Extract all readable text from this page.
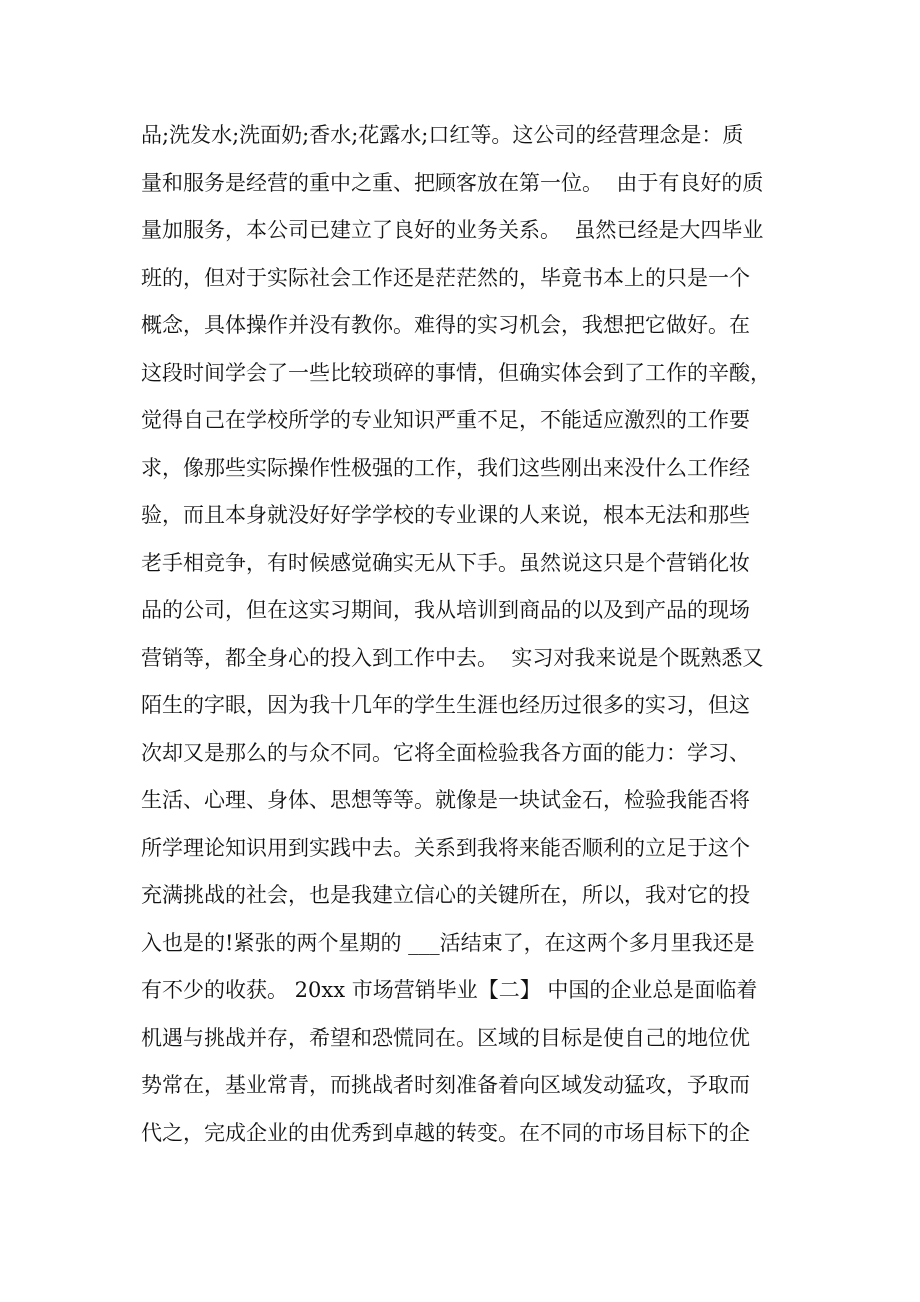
品;洗发水;洗面奶;香水;花露水;口红等。这公司的经营理念是：质
量和服务是经营的重中之重、把顾客放在第一位。  由于有良好的质
量加服务，本公司已建立了良好的业务关系。  虽然已经是大四毕业
班的，但对于实际社会工作还是茫茫然的，毕竟书本上的只是一个
概念，具体操作并没有教你。难得的实习机会，我想把它做好。在
这段时间学会了一些比较琐碎的事情，但确实体会到了工作的辛酸，
觉得自己在学校所学的专业知识严重不足，不能适应激烈的工作要
求，像那些实际操作性极强的工作，我们这些刚出来没什么工作经
验，而且本身就没好好学学校的专业课的人来说，根本无法和那些
老手相竞争，有时候感觉确实无从下手。虽然说这只是个营销化妆
品的公司，但在这实习期间，我从培训到商品的以及到产品的现场
营销等，都全身心的投入到工作中去。  实习对我来说是个既熟悉又
陌生的字眼，因为我十几年的学生生涯也经历过很多的实习，但这
次却又是那么的与众不同。它将全面检验我各方面的能力：学习、
生活、心理、身体、思想等等。就像是一块试金石，检验我能否将
所学理论知识用到实践中去。关系到我将来能否顺利的立足于这个
充满挑战的社会，也是我建立信心的关键所在，所以，我对它的投
入也是的!紧张的两个星期的 ___活结束了，在这两个多月里我还是
有不少的收获。 20xx 市场营销毕业【二】 中国的企业总是面临着
机遇与挑战并存，希望和恐慌同在。区域的目标是使自己的地位优
势常在，基业常青，而挑战者时刻准备着向区域发动猛攻，予取而
代之，完成企业的由优秀到卓越的转变。在不同的市场目标下的企
